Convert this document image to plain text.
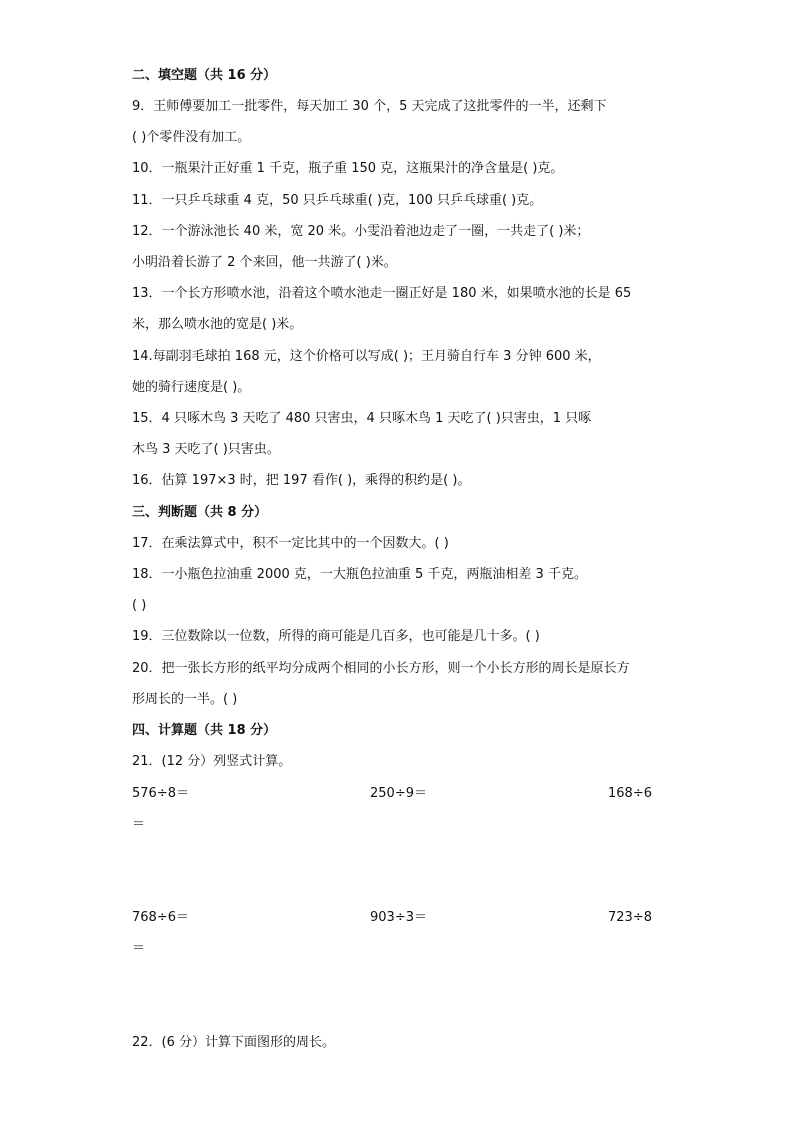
二、填空题（共 16 分）
9．王师傅要加工一批零件，每天加工 30 个，5 天完成了这批零件的一半，还剩下
( )个零件没有加工。
10．一瓶果汁正好重 1 千克，瓶子重 150 克，这瓶果汁的净含量是( )克。
11．一只乒乓球重 4 克，50 只乒乓球重( )克，100 只乒乓球重( )克。
12．一个游泳池长 40 米，宽 20 米。小雯沿着池边走了一圈，一共走了( )米；
小明沿着长游了 2 个来回，他一共游了( )米。
13．一个长方形喷水池，沿着这个喷水池走一圈正好是 180 米，如果喷水池的长是 65
米，那么喷水池的宽是( )米。
14.每副羽毛球拍 168 元，这个价格可以写成( )；王月骑自行车 3 分钟 600 米，
她的骑行速度是( )。
15．4 只啄木鸟 3 天吃了 480 只害虫，4 只啄木鸟 1 天吃了( )只害虫，1 只啄
木鸟 3 天吃了( )只害虫。
16．估算 197×3 时，把 197 看作( )，乘得的积约是( )。
三、判断题（共 8 分）
17．在乘法算式中，积不一定比其中的一个因数大。( )
18．一小瓶色拉油重 2000 克，一大瓶色拉油重 5 千克，两瓶油相差 3 千克。
( )
19．三位数除以一位数，所得的商可能是几百多，也可能是几十多。( )
20．把一张长方形的纸平均分成两个相同的小长方形，则一个小长方形的周长是原长方
形周长的一半。( )
四、计算题（共 18 分）
21．(12 分）列竖式计算。
576÷8＝	250÷9＝	168÷6
＝
768÷6＝	903÷3＝	723÷8
＝
22．(6 分）计算下面图形的周长。
